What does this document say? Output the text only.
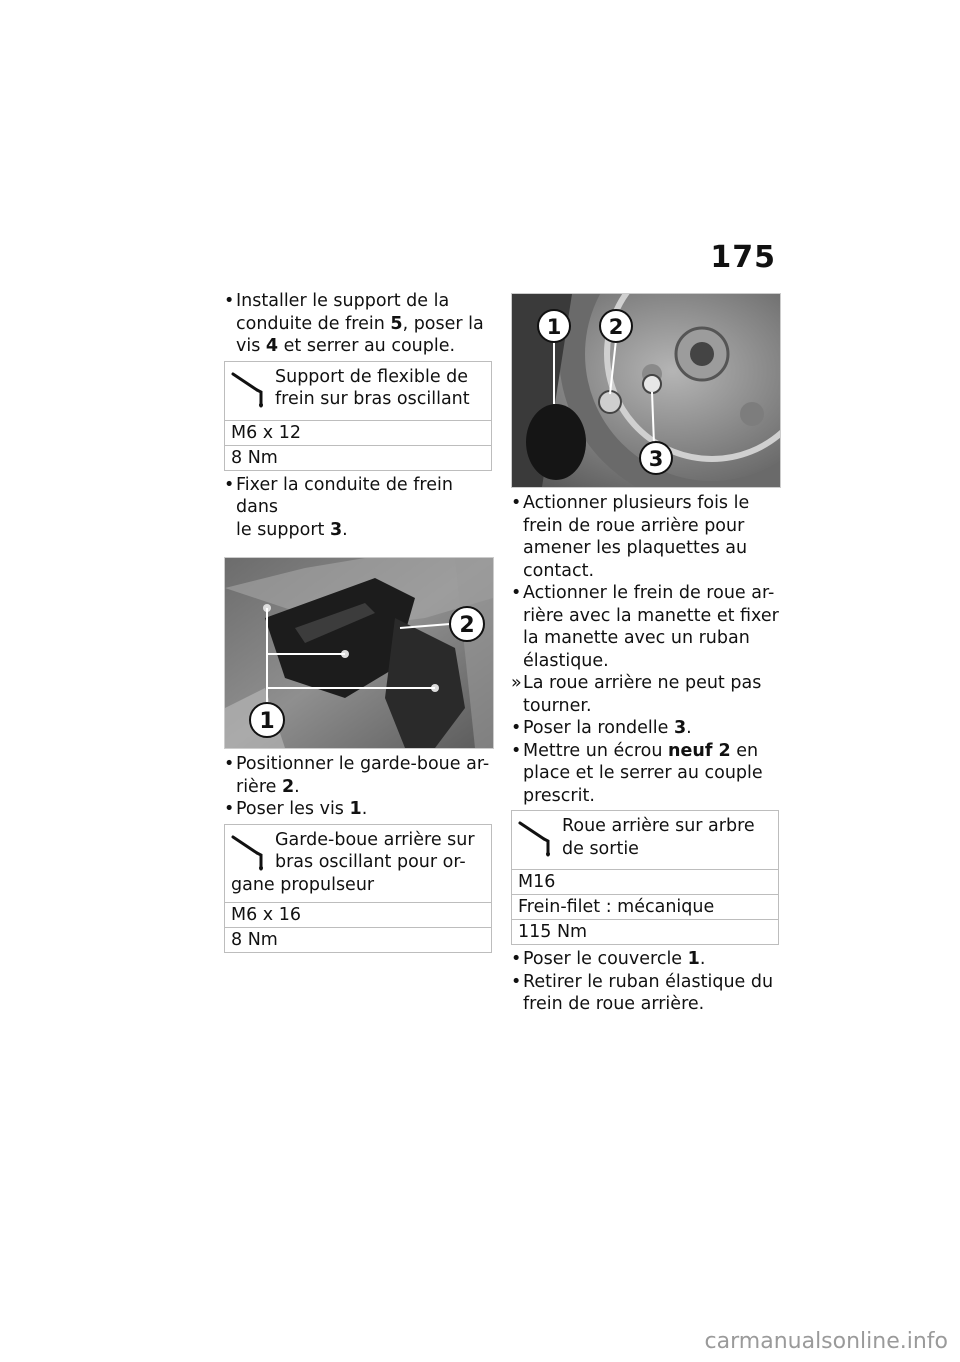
175
• Installer le support de la

conduite de frein 5, poser la

vis 4 et serrer au couple.

Support de flexible de
frein sur bras oscillant
M6 x 12
8 Nm
• Fixer la conduite de frein dans

le support 3.

2
1
• Positionner le garde-boue ar-

rière 2.

• Poser les vis 1.

Garde-boue arrière sur
bras oscillant pour or-
gane propulseur
M6 x 16
8 Nm
1 2
3
• Actionner plusieurs fois le

frein de roue arrière pour

amener les plaquettes au

contact.

• Actionner le frein de roue ar-

rière avec la manette et fixer

la manette avec un ruban

élastique.

» La roue arrière ne peut pas

tourner.

• Poser la rondelle 3.

• Mettre un écrou neuf 2 en

place et le serrer au couple

prescrit.

Roue arrière sur arbre
de sortie
M16
Frein-filet : mécanique
115 Nm
• Poser le couvercle 1.

• Retirer le ruban élastique du

frein de roue arrière.

carmanualsonline.info
